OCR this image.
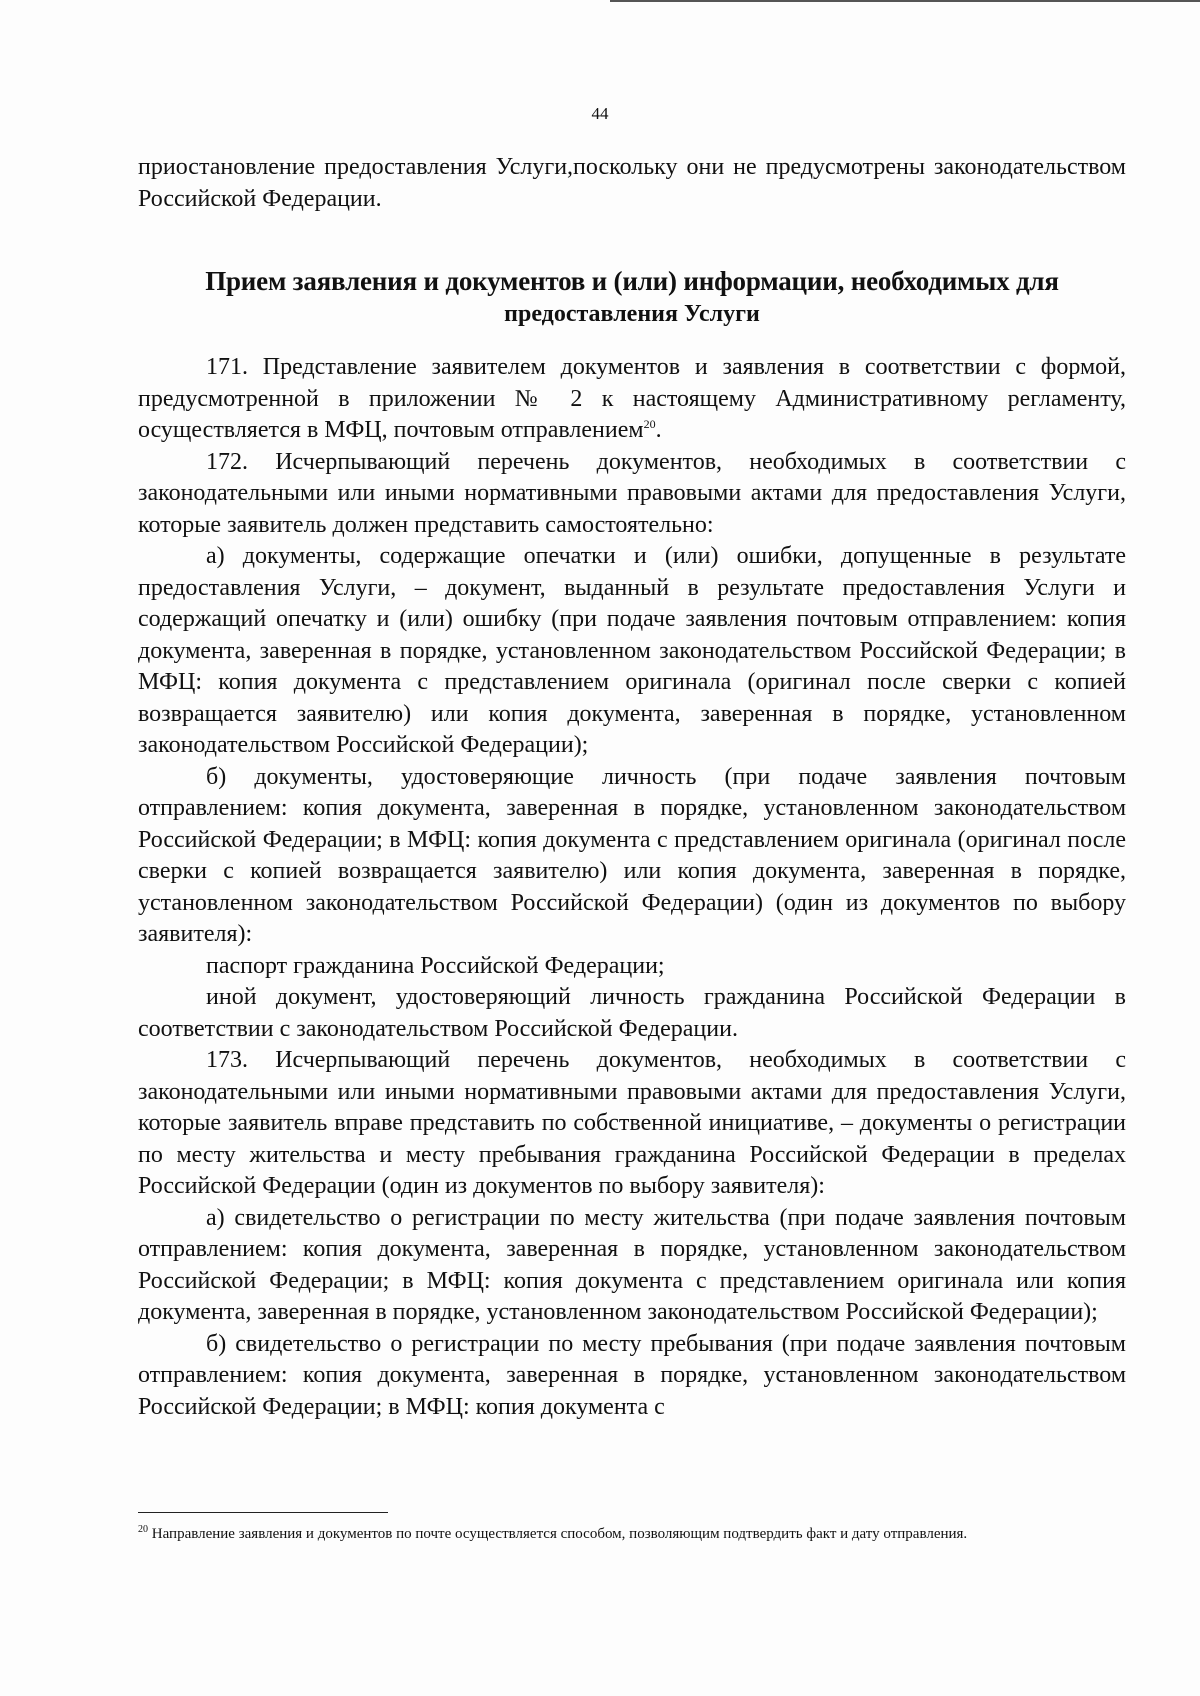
44

приостановление предоставления Услуги,поскольку они не предусмотрены законодательством Российской Федерации.

Прием заявления и документов и (или) информации, необходимых для
предоставления Услуги

171. Представление заявителем документов и заявления в соответствии с формой, предусмотренной в приложении № 2 к настоящему Административному регламенту, осуществляется в МФЦ, почтовым отправлением$^{20}$.

172. Исчерпывающий перечень документов, необходимых в соответствии с законодательными или иными нормативными правовыми актами для предоставления Услуги, которые заявитель должен представить самостоятельно:

а) документы, содержащие опечатки и (или) ошибки, допущенные в результате предоставления Услуги, – документ, выданный в результате предоставления Услуги и содержащий опечатку и (или) ошибку (при подаче заявления почтовым отправлением: копия документа, заверенная в порядке, установленном законодательством Российской Федерации; в МФЦ: копия документа с представлением оригинала (оригинал после сверки с копией возвращается заявителю) или копия документа, заверенная в порядке, установленном законодательством Российской Федерации);

б) документы, удостоверяющие личность (при подаче заявления почтовым отправлением: копия документа, заверенная в порядке, установленном законодательством Российской Федерации; в МФЦ: копия документа с представлением оригинала (оригинал после сверки с копией возвращается заявителю) или копия документа, заверенная в порядке, установленном законодательством Российской Федерации) (один из документов по выбору заявителя):

паспорт гражданина Российской Федерации;

иной документ, удостоверяющий личность гражданина Российской Федерации в соответствии с законодательством Российской Федерации.

173. Исчерпывающий перечень документов, необходимых в соответствии с законодательными или иными нормативными правовыми актами для предоставления Услуги, которые заявитель вправе представить по собственной инициативе, – документы о регистрации по месту жительства и месту пребывания гражданина Российской Федерации в пределах Российской Федерации (один из документов по выбору заявителя):

а) свидетельство о регистрации по месту жительства (при подаче заявления почтовым отправлением: копия документа, заверенная в порядке, установленном законодательством Российской Федерации; в МФЦ: копия документа с представлением оригинала или копия документа, заверенная в порядке, установленном законодательством Российской Федерации);

б) свидетельство о регистрации по месту пребывания (при подаче заявления почтовым отправлением: копия документа, заверенная в порядке, установленном законодательством Российской Федерации; в МФЦ: копия документа с

$^{20}$ Направление заявления и документов по почте осуществляется способом, позволяющим подтвердить факт и дату отправления.
